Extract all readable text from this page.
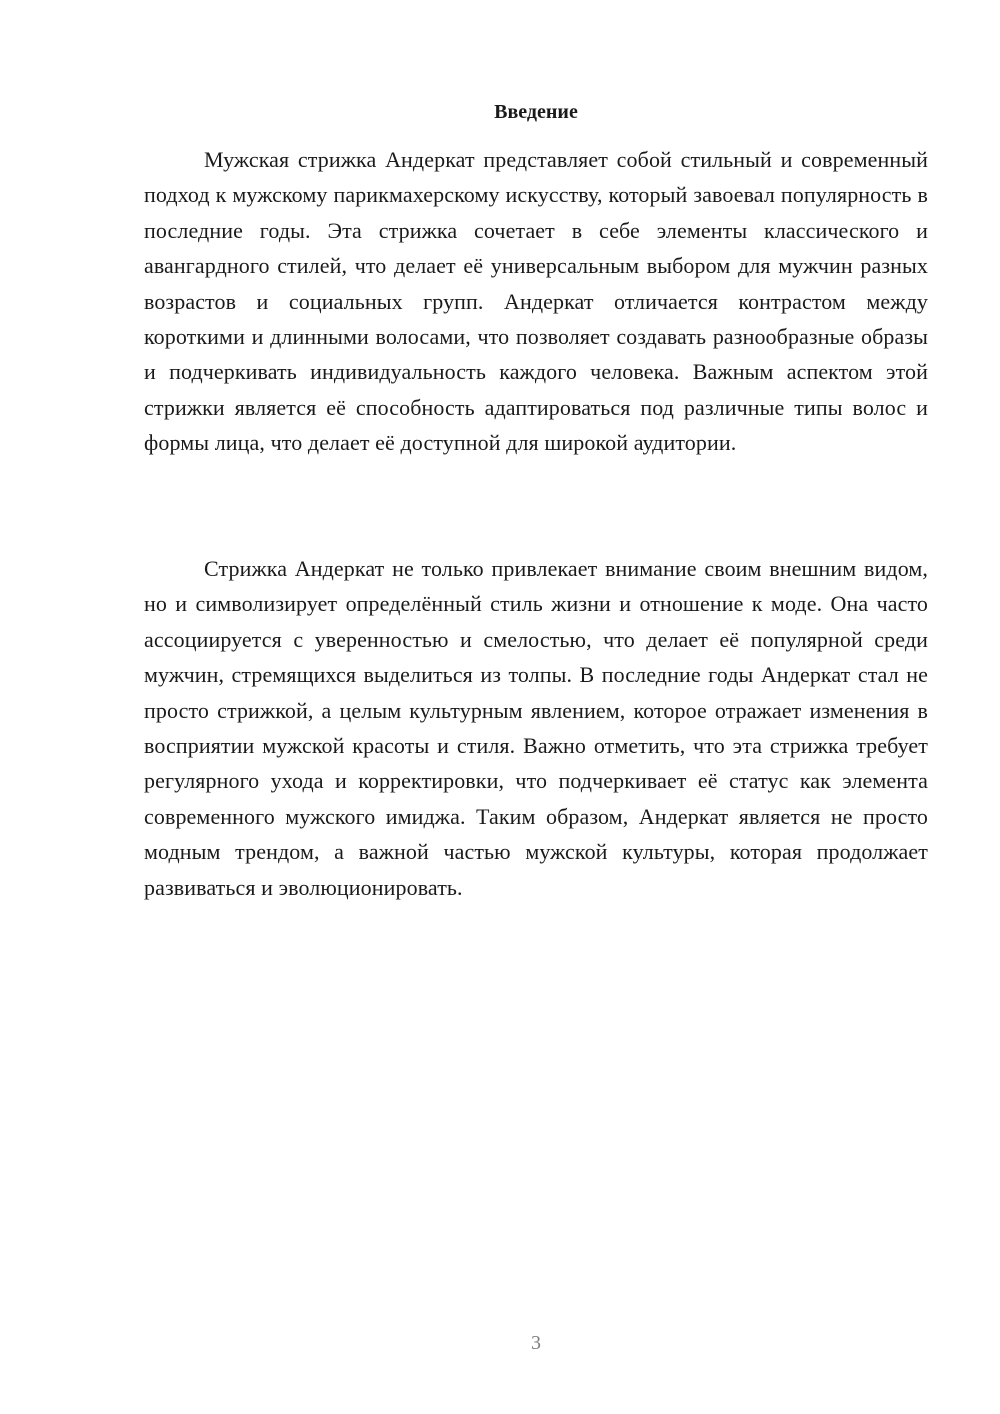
Введение

Мужская стрижка Андеркат представляет собой стильный и современный подход к мужскому парикмахерскому искусству, который завоевал популярность в последние годы. Эта стрижка сочетает в себе элементы классического и авангардного стилей, что делает её универсальным выбором для мужчин разных возрастов и социальных групп. Андеркат отличается контрастом между короткими и длинными волосами, что позволяет создавать разнообразные образы и подчеркивать индивидуальность каждого человека. Важным аспектом этой стрижки является её способность адаптироваться под различные типы волос и формы лица, что делает её доступной для широкой аудитории.

Стрижка Андеркат не только привлекает внимание своим внешним видом, но и символизирует определённый стиль жизни и отношение к моде. Она часто ассоциируется с уверенностью и смелостью, что делает её популярной среди мужчин, стремящихся выделиться из толпы. В последние годы Андеркат стал не просто стрижкой, а целым культурным явлением, которое отражает изменения в восприятии мужской красоты и стиля. Важно отметить, что эта стрижка требует регулярного ухода и корректировки, что подчеркивает её статус как элемента современного мужского имиджа. Таким образом, Андеркат является не просто модным трендом, а важной частью мужской культуры, которая продолжает развиваться и эволюционировать.

3
